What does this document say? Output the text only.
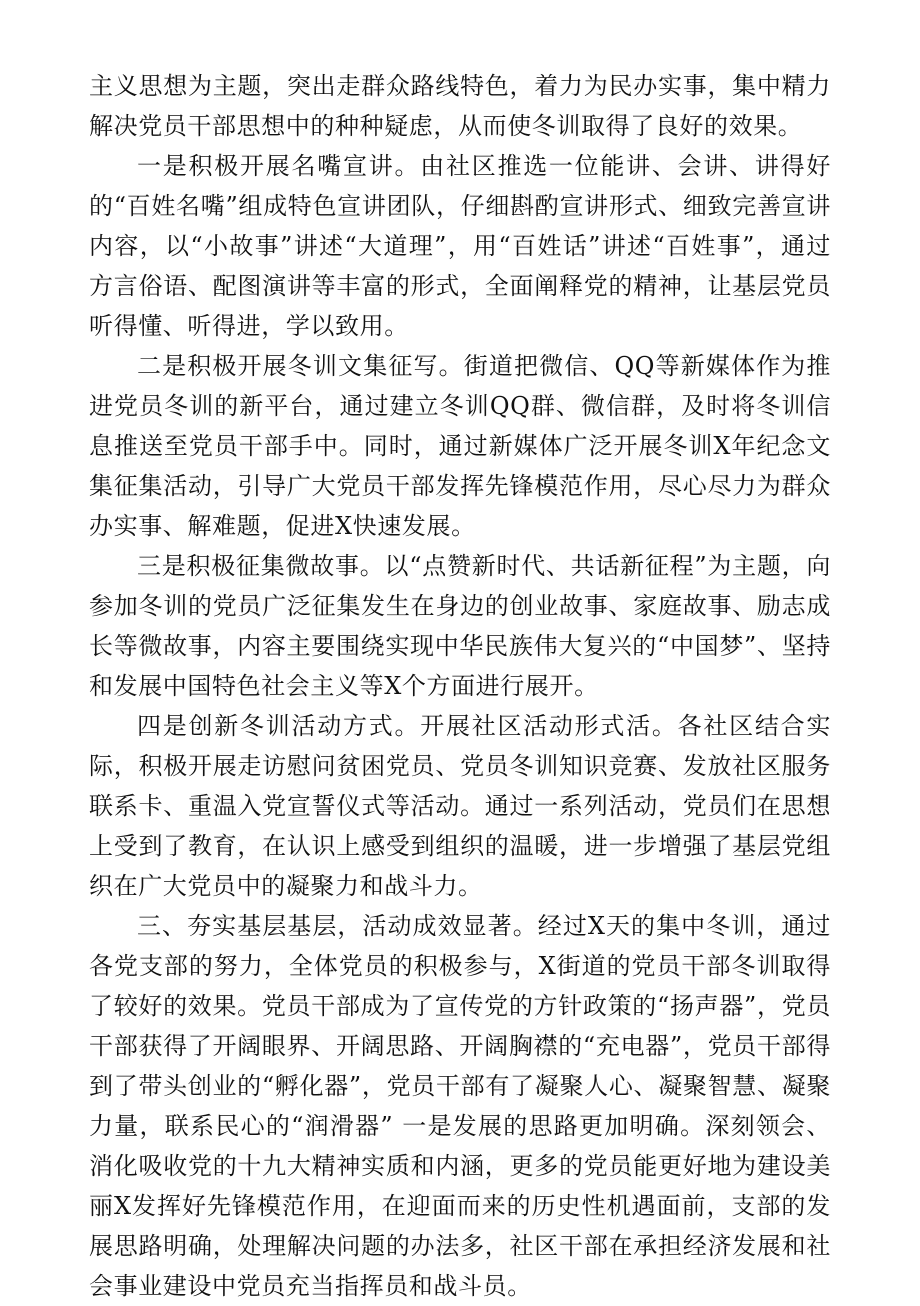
主义思想为主题，突出走群众路线特色，着力为民办实事，集中精力解决党员干部思想中的种种疑虑，从而使冬训取得了良好的效果。

一是积极开展名嘴宣讲。由社区推选一位能讲、会讲、讲得好的“百姓名嘴”组成特色宣讲团队，仔细斟酌宣讲形式、细致完善宣讲内容，以“小故事”讲述“大道理”，用“百姓话”讲述“百姓事”，通过方言俗语、配图演讲等丰富的形式，全面阐释党的精神，让基层党员听得懂、听得进，学以致用。

二是积极开展冬训文集征写。街道把微信、QQ等新媒体作为推进党员冬训的新平台，通过建立冬训QQ群、微信群，及时将冬训信息推送至党员干部手中。同时，通过新媒体广泛开展冬训X年纪念文集征集活动，引导广大党员干部发挥先锋模范作用，尽心尽力为群众办实事、解难题，促进X快速发展。

三是积极征集微故事。以“点赞新时代、共话新征程”为主题，向参加冬训的党员广泛征集发生在身边的创业故事、家庭故事、励志成长等微故事，内容主要围绕实现中华民族伟大复兴的“中国梦”、坚持和发展中国特色社会主义等X个方面进行展开。

四是创新冬训活动方式。开展社区活动形式活。各社区结合实际，积极开展走访慰问贫困党员、党员冬训知识竞赛、发放社区服务联系卡、重温入党宣誓仪式等活动。通过一系列活动，党员们在思想上受到了教育，在认识上感受到组织的温暖，进一步增强了基层党组织在广大党员中的凝聚力和战斗力。

三、夯实基层基层，活动成效显著。经过X天的集中冬训，通过各党支部的努力，全体党员的积极参与，X街道的党员干部冬训取得了较好的效果。党员干部成为了宣传党的方针政策的“扬声器”，党员干部获得了开阔眼界、开阔思路、开阔胸襟的“充电器”，党员干部得到了带头创业的“孵化器”，党员干部有了凝聚人心、凝聚智慧、凝聚力量，联系民心的“润滑器” 一是发展的思路更加明确。深刻领会、消化吸收党的十九大精神实质和内涵，更多的党员能更好地为建设美丽X发挥好先锋模范作用，在迎面而来的历史性机遇面前，支部的发展思路明确，处理解决问题的办法多，社区干部在承担经济发展和社会事业建设中党员充当指挥员和战斗员。
